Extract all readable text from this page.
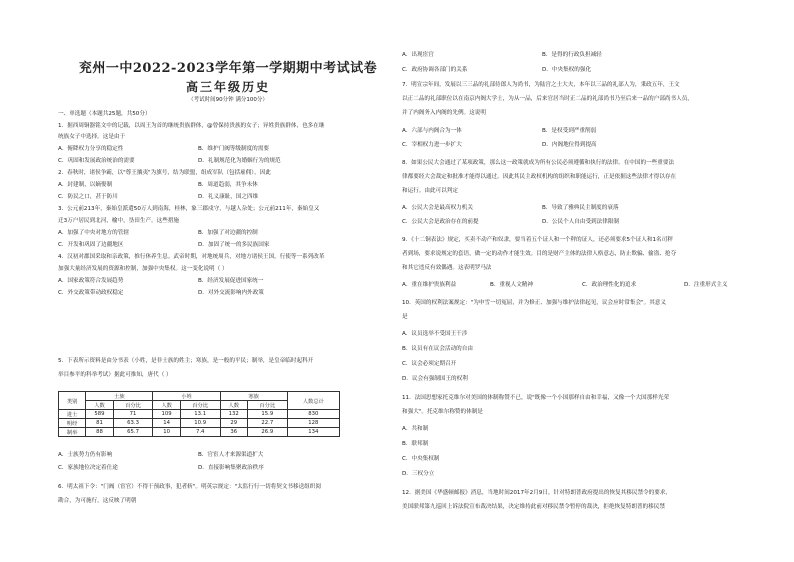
兖州一中2022-2023学年第一学期期中考试试卷
高三年级历史
（考试时间90分钟 满分100分）
一、单选题（本题共25题，共50分）
1．据西周铜器铭文中的记载，以周王为首的继统贵族群体，@曾保持贵族的女子；异姓贵族群体，也多在继
统族女子中选择。这是由于
A．俯降权力分享的稳定性	B．维护门阀等级制度的需要
C．巩固和发展政治统治的需要	D．礼制规范化为婚姻行为的规范
2．春秋时，诸侯争霸，以"尊王攘夷"为旗号，结为联盟，组成军队（包括雇佣）。因此
A．封建制，以嫡娶制	B．周道趋弱，其争未休
C．防民之口，甚于防川	D．礼义康耻，国之四维
3．公元前213年，秦始皇派遣50万人到南海，桂林，象三郡戍守，与越人杂处；公元前211年，秦始皇又
迁3万户居民到北河，榆中，垦田生产。这些措施
A．加强了中央对地方的管辖	B．加强了对边疆的控制
C．开发和巩固了边疆地区	D．加固了统一的多民族国家
4．汉初对郡国采取和亲政策，推行休养生息。武帝时期，对地统周兵，对地方诸侯王国，行使等一系列改革
加强大量经济发展的资源和控制，加强中央集权。这一变化说明（ ）
A．国家政策符合发展趋势	B．经济发展促进国家统一
C．外交政策带动政权稳定	D．对外交流影响内外政策
5．下表所示资料是由分书表（小姓，是非士族的姓主；寒族，是一般的平民；制举，是皇帝临时起科开
举目参平的科举考试）据此可推知，唐代（ ）
类别	士族		小姓		寒族		人数总计
	人数	百分比	人数	百分比	人数	百分比	
进士	589	71	109	13.1	132	15.9	830
明经	81	63.3	14	10.9	29	22.7	128
制举	88	65.7	10	7.4	36	26.9	134
A．士族势力仍有影响	B．官宦人才来源渠道扩大
C．家族地位决定着仕途	D．直接影响集聚政治秩序
6．明太祖下令："门阀（宦官）不得干预政事，犯者斩"。明英宗规定："太监行行一切将契文书移送组织阅
勘合，为可施行，这反映了明朝
A．出现宦官	B．是得的行政负担减轻
C．政府协调各部门的关系	D．中央集权的强化
7．明宣宗年间，发展以三三品的礼部侍郎人为尚书，为陆宫之士大夫，本年以三品的礼部人为，秉政五年，王文
以正二品的礼部职位以在南京内阁大学士，为从一品，后来官居当时正二品的礼部尚书乃至后来一品的户部尚书人员，
并了内阁务入内阁的先例。这说明
A．六部与内阁合为一体	B．是权受到严重削弱
C．宰相权力进一步扩大	D．内阁地位得到提高
8．如果公民大会通过了某项政策，那么这一政策就成为所有公民必须遵循和执行的法律。在中国的一些重要法
律都要经大会裁定和批准才能得以通过。因此其民主政权机构的组织和职能运行，正是依据这些法律才得以存在
和运行。由此可以判定
A．公民大会是最高权力机关	B．导致了雅典民主制度的衰落
C．公民大会是政治存在的前提	D．公民个人自由受到法律限制
9．《十二铜表法》规定，买卖不动产和奴隶，要当着五个证人和一个秤的证人，还必须要求5个证人和1名司秤
者到场，要求说规定的套语，做一定的动作才能生效。目的是财产主体的法律人格意志，防止欺骗、偷盗、抢夺
和其它违反有效偶遇。这表明罗马法
A．重在维护贵族利益	B．重视人文精神	C．政治理性化的追求	D．注重形式主义
10．英国的权利法案规定："为申雪一切冤屈，并为修正、加强与维护法律起见，议会应时常集会"。其意义
是
A．议员选举不受国王干涉
B．议员有在议会活动的自由
C．议会必须定期召开
D．议会有强制国王的权利
11．法国思想家托克维尔对美国的体制称赞不已，说"既像一个小国那样自由和幸福，又像一个大国那样光荣
和强大"。托克维尔称赞的体制是
A．共和制
B．联邦制
C．中央集权制
D．三权分立
12．据美国《华盛顿邮报》消息，当地时间2017年2月9日，针对特朗普政府提出的恢复其移民禁令的要求，
美国联邦第九巡回上诉法院宣布裁决结果，决定维持此前对移民禁令暂停的裁决，拒绝恢复特朗普的移民禁
